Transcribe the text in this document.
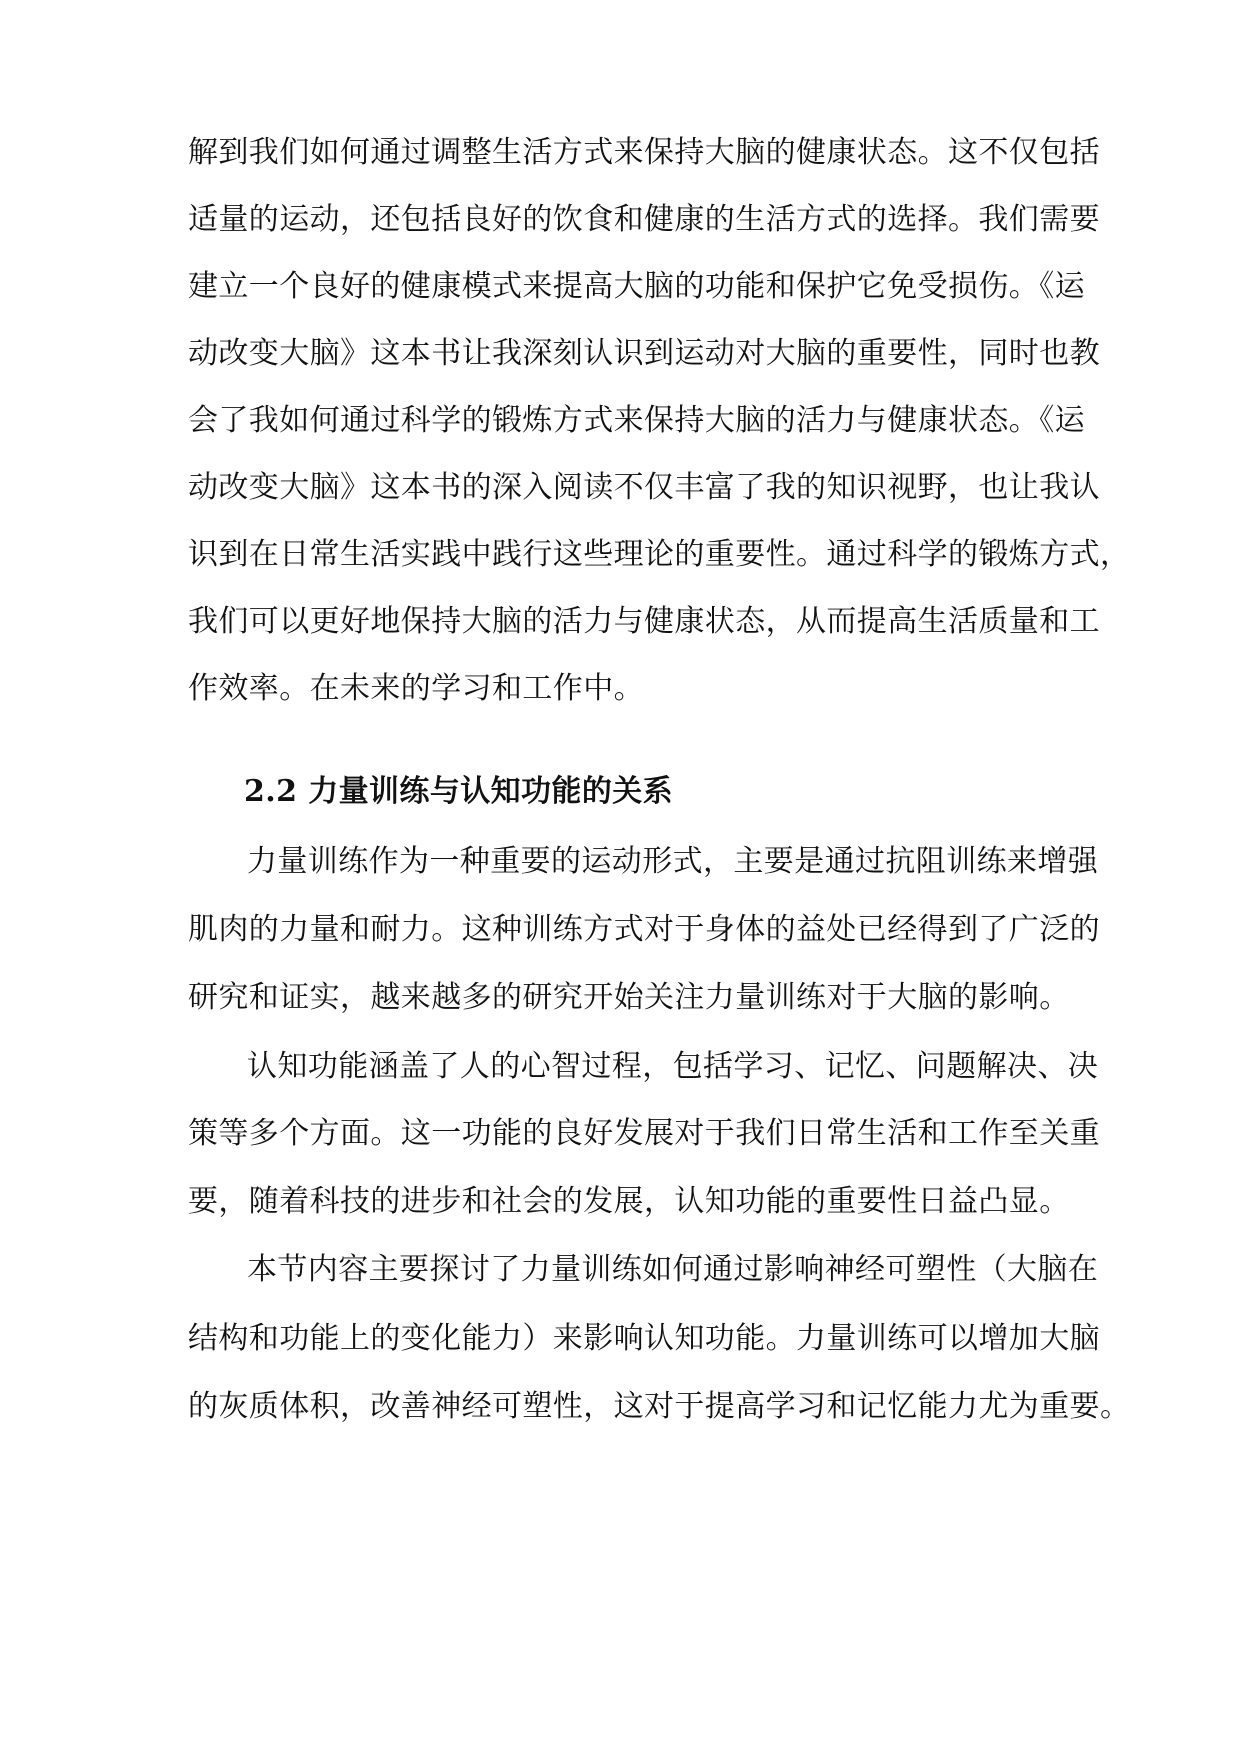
解到我们如何通过调整生活方式来保持大脑的健康状态。这不仅包括
适量的运动，还包括良好的饮食和健康的生活方式的选择。我们需要
建立一个良好的健康模式来提高大脑的功能和保护它免受损伤。《运
动改变大脑》这本书让我深刻认识到运动对大脑的重要性，同时也教
会了我如何通过科学的锻炼方式来保持大脑的活力与健康状态。《运
动改变大脑》这本书的深入阅读不仅丰富了我的知识视野，也让我认
识到在日常生活实践中践行这些理论的重要性。通过科学的锻炼方式，
我们可以更好地保持大脑的活力与健康状态，从而提高生活质量和工
作效率。在未来的学习和工作中。
2.2 力量训练与认知功能的关系
力量训练作为一种重要的运动形式，主要是通过抗阻训练来增强
肌肉的力量和耐力。这种训练方式对于身体的益处已经得到了广泛的
研究和证实，越来越多的研究开始关注力量训练对于大脑的影响。
认知功能涵盖了人的心智过程，包括学习、记忆、问题解决、决
策等多个方面。这一功能的良好发展对于我们日常生活和工作至关重
要，随着科技的进步和社会的发展，认知功能的重要性日益凸显。
本节内容主要探讨了力量训练如何通过影响神经可塑性（大脑在
结构和功能上的变化能力）来影响认知功能。力量训练可以增加大脑
的灰质体积，改善神经可塑性，这对于提高学习和记忆能力尤为重要。
